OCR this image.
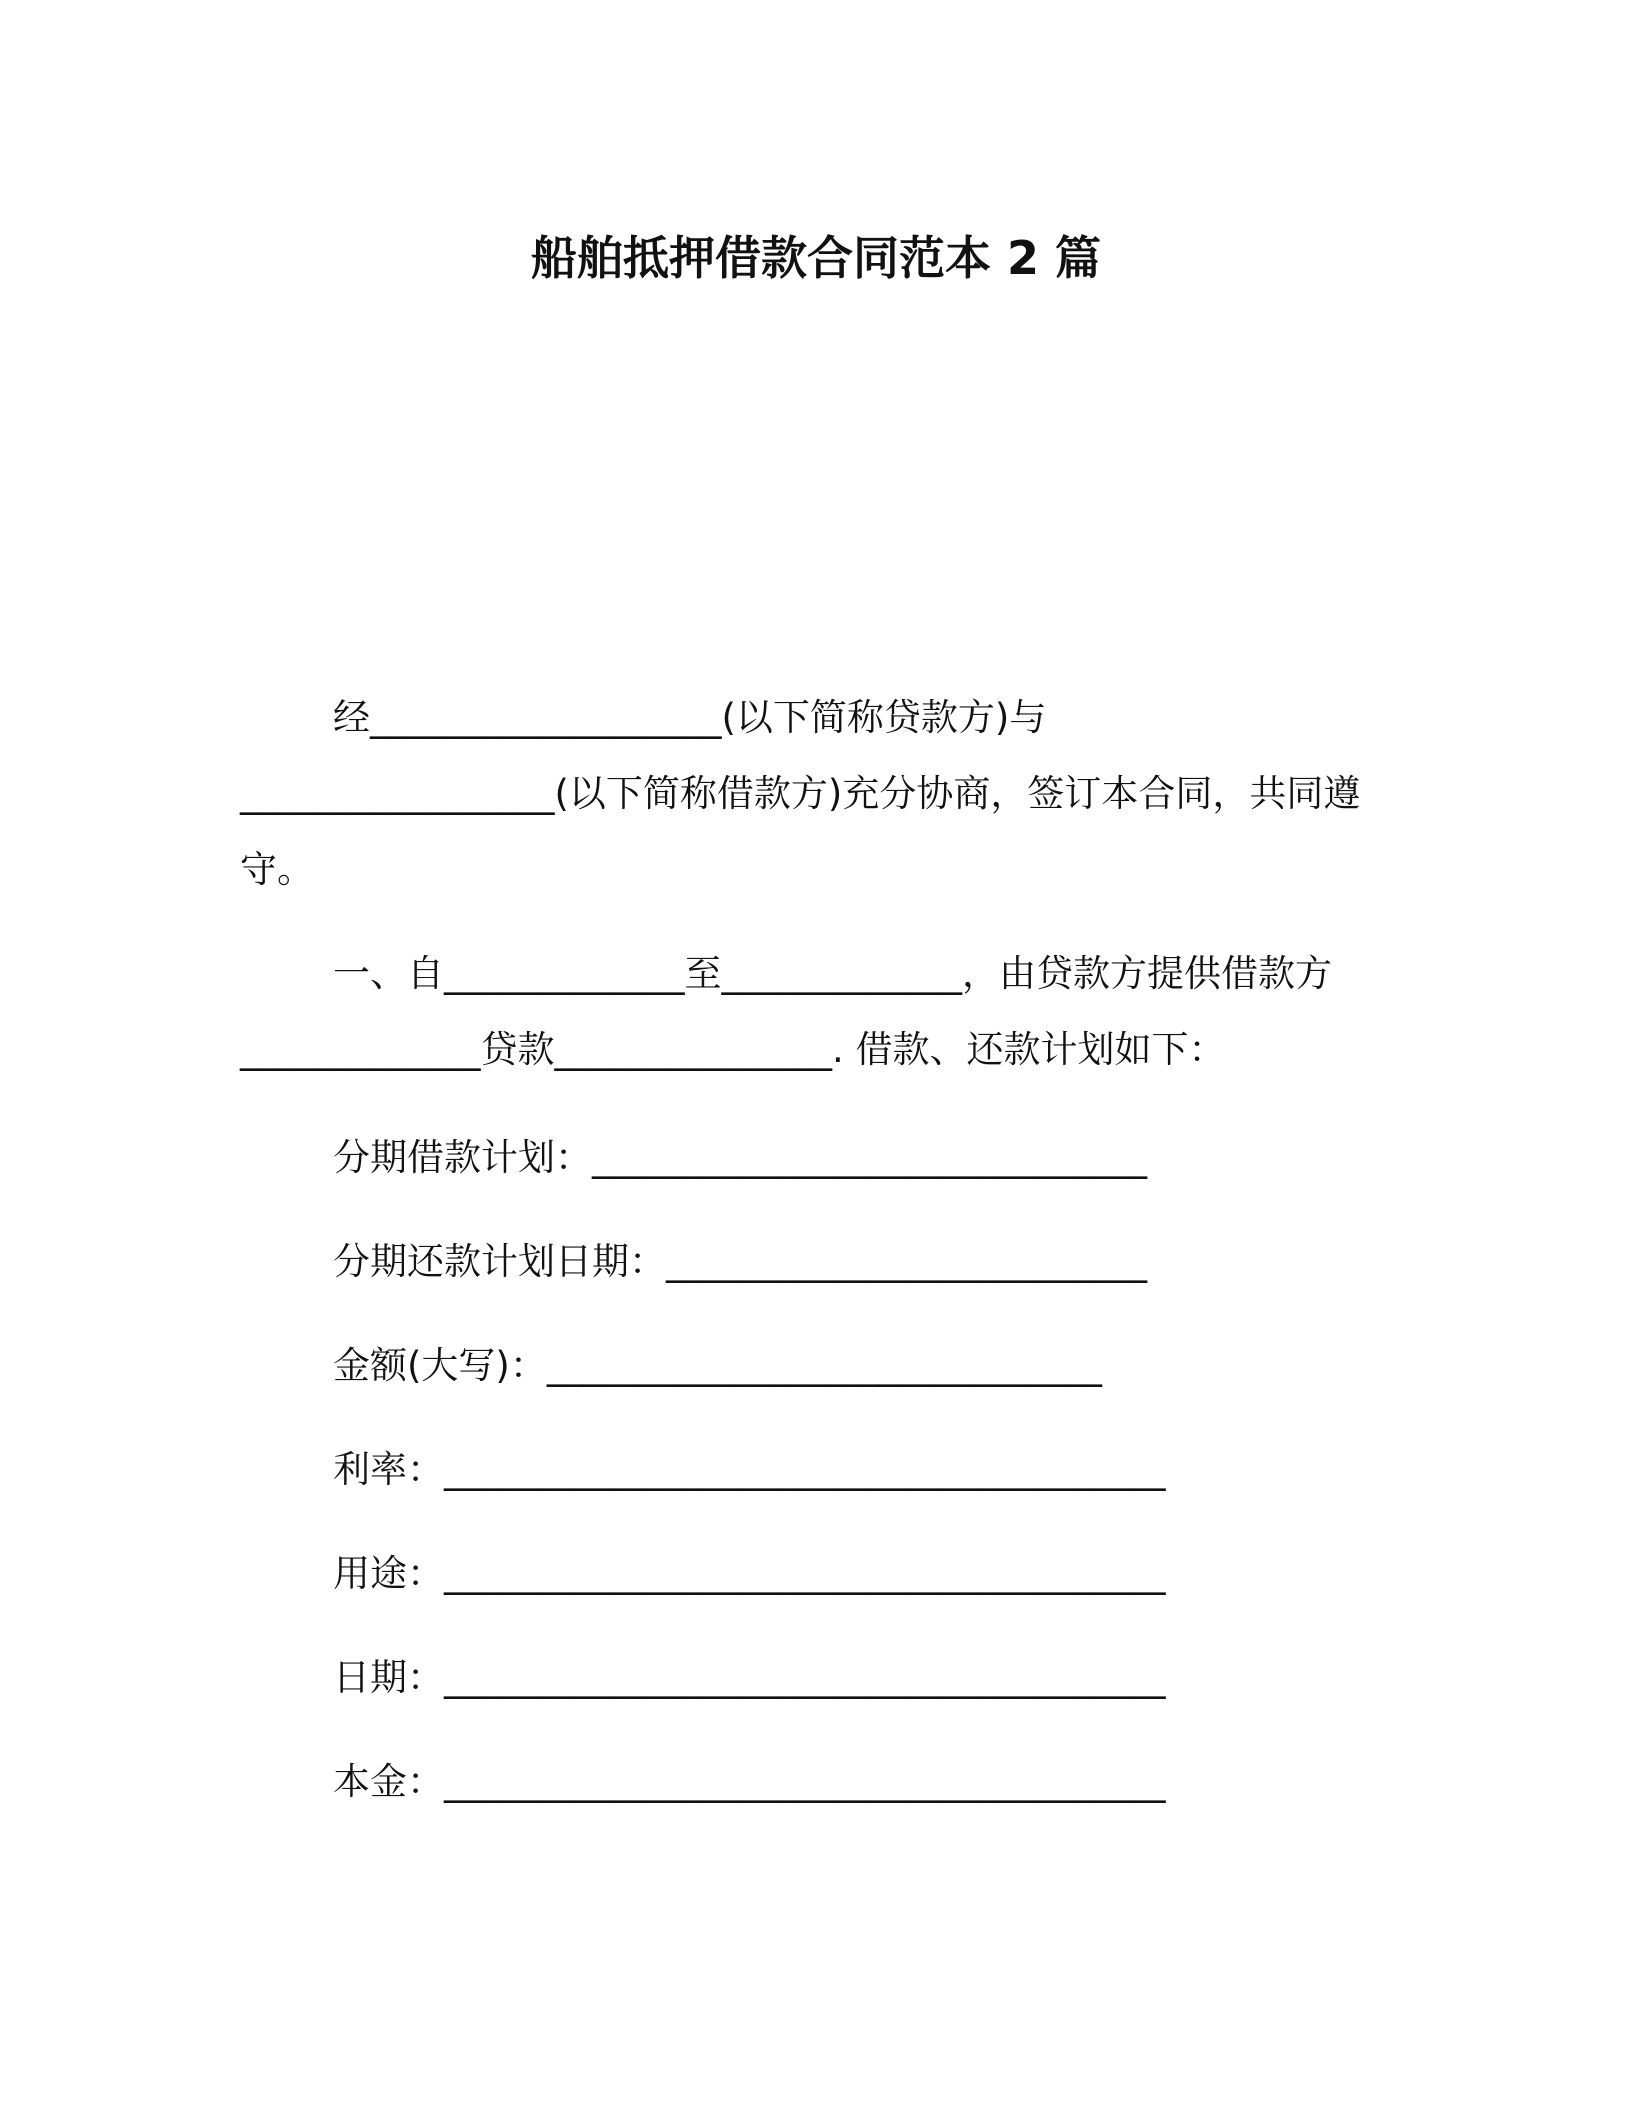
船舶抵押借款合同范本 2 篇
经___________________(以下简称贷款方)与
_________________(以下简称借款方)充分协商，签订本合同，共同遵
守。
一、自_____________至_____________，由贷款方提供借款方
_____________贷款_______________. 借款、还款计划如下：
分期借款计划：______________________________
分期还款计划日期：__________________________
金额(大写)：______________________________
利率：_______________________________________
用途：_______________________________________
日期：_______________________________________
本金：_______________________________________
